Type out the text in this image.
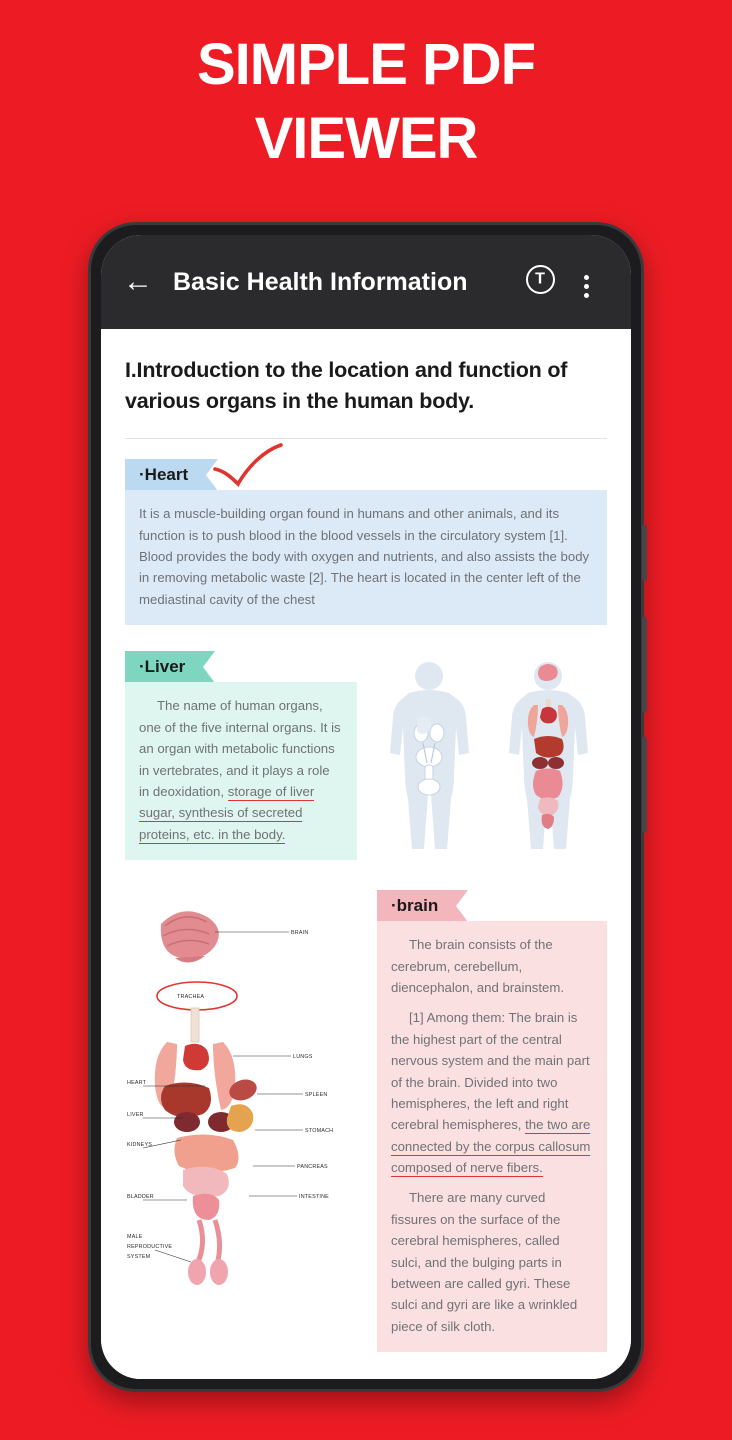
SIMPLE PDF
VIEWER
← Basic Health Information
T
I.Introduction to the location and function of various organs in the human body.
·Heart

It is a muscle-building organ found in humans and other animals, and its function is to push blood in the blood vessels in the circulatory system [1]. Blood provides the body with oxygen and nutrients, and also assists the body in removing metabolic waste [2]. The heart is located in the center left of the mediastinal cavity of the chest

·Liver

The name of human organs, one of the five internal organs. It is an organ with metabolic functions in vertebrates, and it plays a role in deoxidation, storage of liver sugar, synthesis of secreted proteins, etc. in the body.

BRAIN
TRACHEA
LUNGS
HEART
SPLEEN
LIVER
STOMACH
KIDNEYS
PANCREAS
BLADDER	INTESTINE
MALE
REPRODUCTIVE
SYSTEM
·brain

The brain consists of the cerebrum, cerebellum, diencephalon, and brainstem.

[1] Among them: The brain is the highest part of the central nervous system and the main part of the brain. Divided into two hemispheres, the left and right cerebral hemispheres, the two are connected by the corpus callosum composed of nerve fibers.

There are many curved fissures on the surface of the cerebral hemispheres, called sulci, and the bulging parts in between are called gyri. These sulci and gyri are like a wrinkled piece of silk cloth.
